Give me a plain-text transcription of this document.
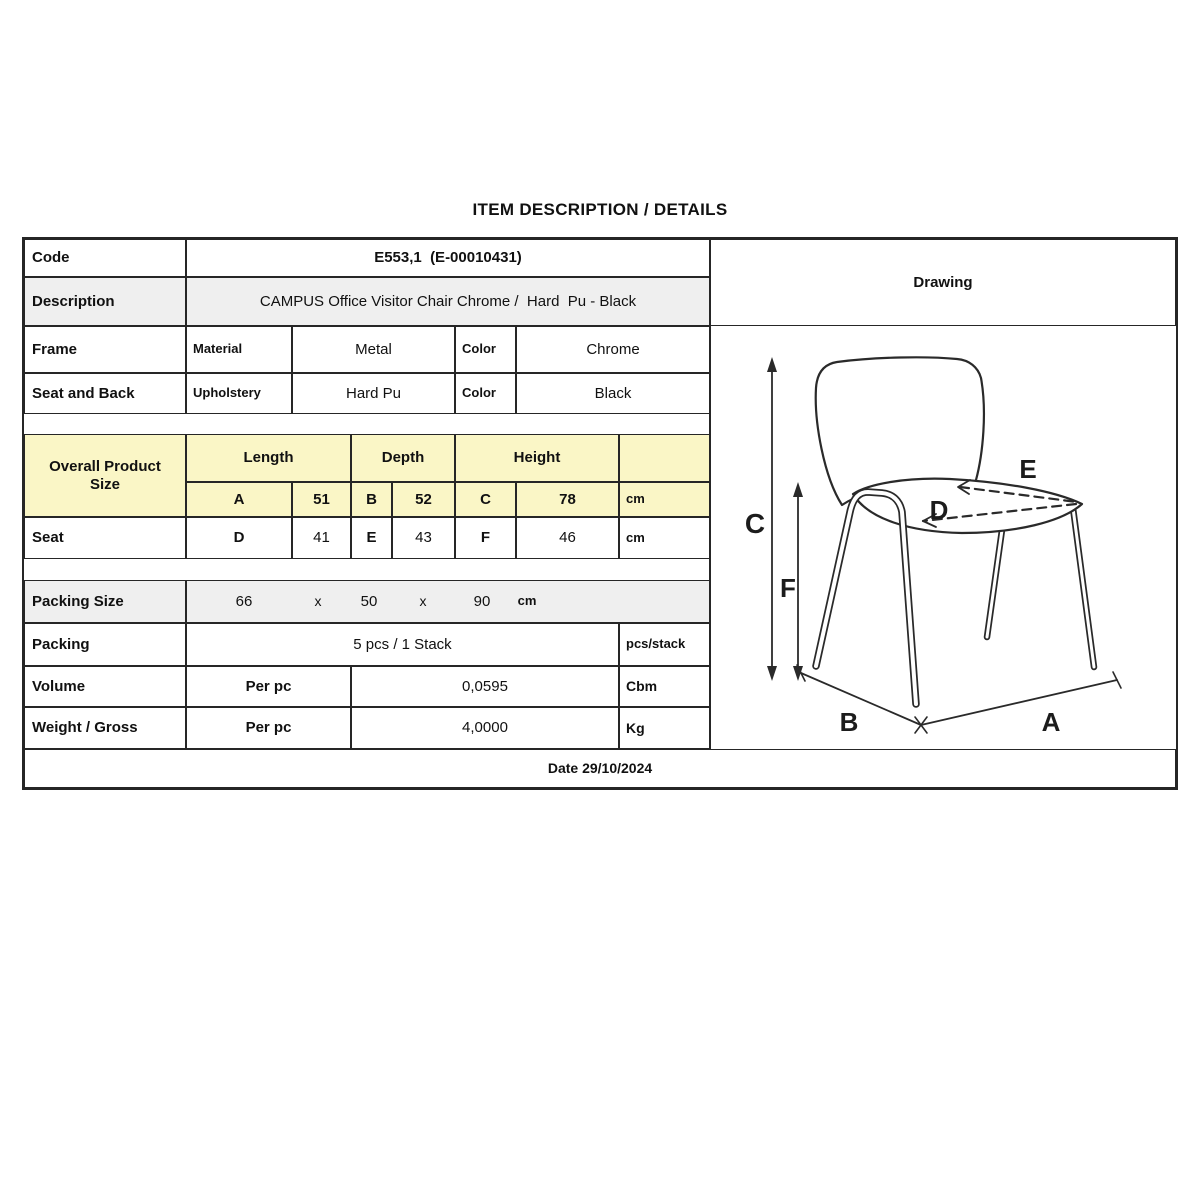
ITEM DESCRIPTION / DETAILS
Code	E553,1  (E-00010431)
Description	CAMPUS Office Visitor Chair Chrome /  Hard  Pu - Black
Frame	Material	Metal	Color	Chrome
Seat and Back	Upholstery	Hard Pu	Color	Black
Overall Product Size
Length	Depth	Height
A	51	B	52	C	78	cm
Seat	D	41	E	43	F	46	cm
Packing Size	66	x	50	x	90 cm
Packing	5 pcs / 1 Stack	pcs/stack
Volume	Per pc	0,0595	Cbm
Weight / Gross	Per pc	4,0000	Kg
Date 29/10/2024
Drawing
C
F
E
D
B	A
